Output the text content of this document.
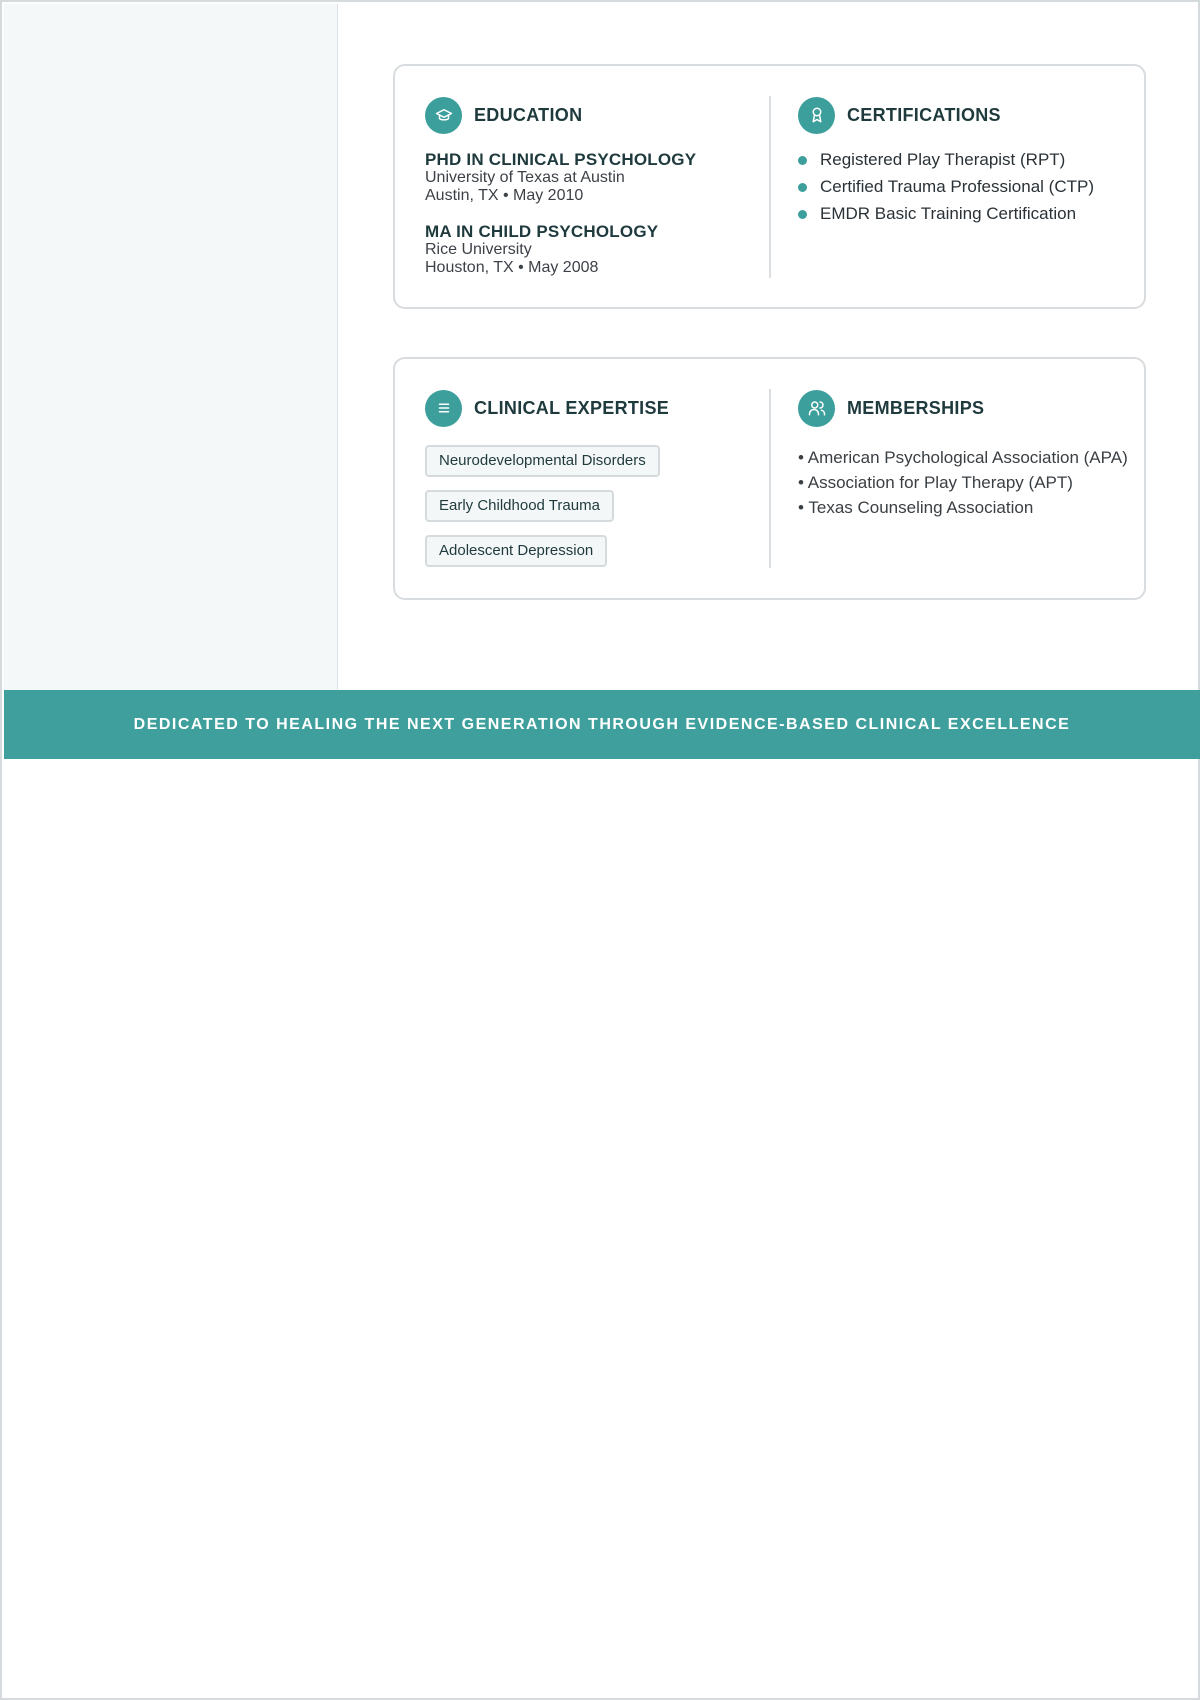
EDUCATION
PHD IN CLINICAL PSYCHOLOGY
University of Texas at Austin
Austin, TX • May 2010
MA IN CHILD PSYCHOLOGY
Rice University
Houston, TX • May 2008
CERTIFICATIONS
Registered Play Therapist (RPT)
Certified Trauma Professional (CTP)
EMDR Basic Training Certification
CLINICAL EXPERTISE
Neurodevelopmental Disorders
Early Childhood Trauma
Adolescent Depression
MEMBERSHIPS
• American Psychological Association (APA)
• Association for Play Therapy (APT)
• Texas Counseling Association
DEDICATED TO HEALING THE NEXT GENERATION THROUGH EVIDENCE-BASED CLINICAL EXCELLENCE
